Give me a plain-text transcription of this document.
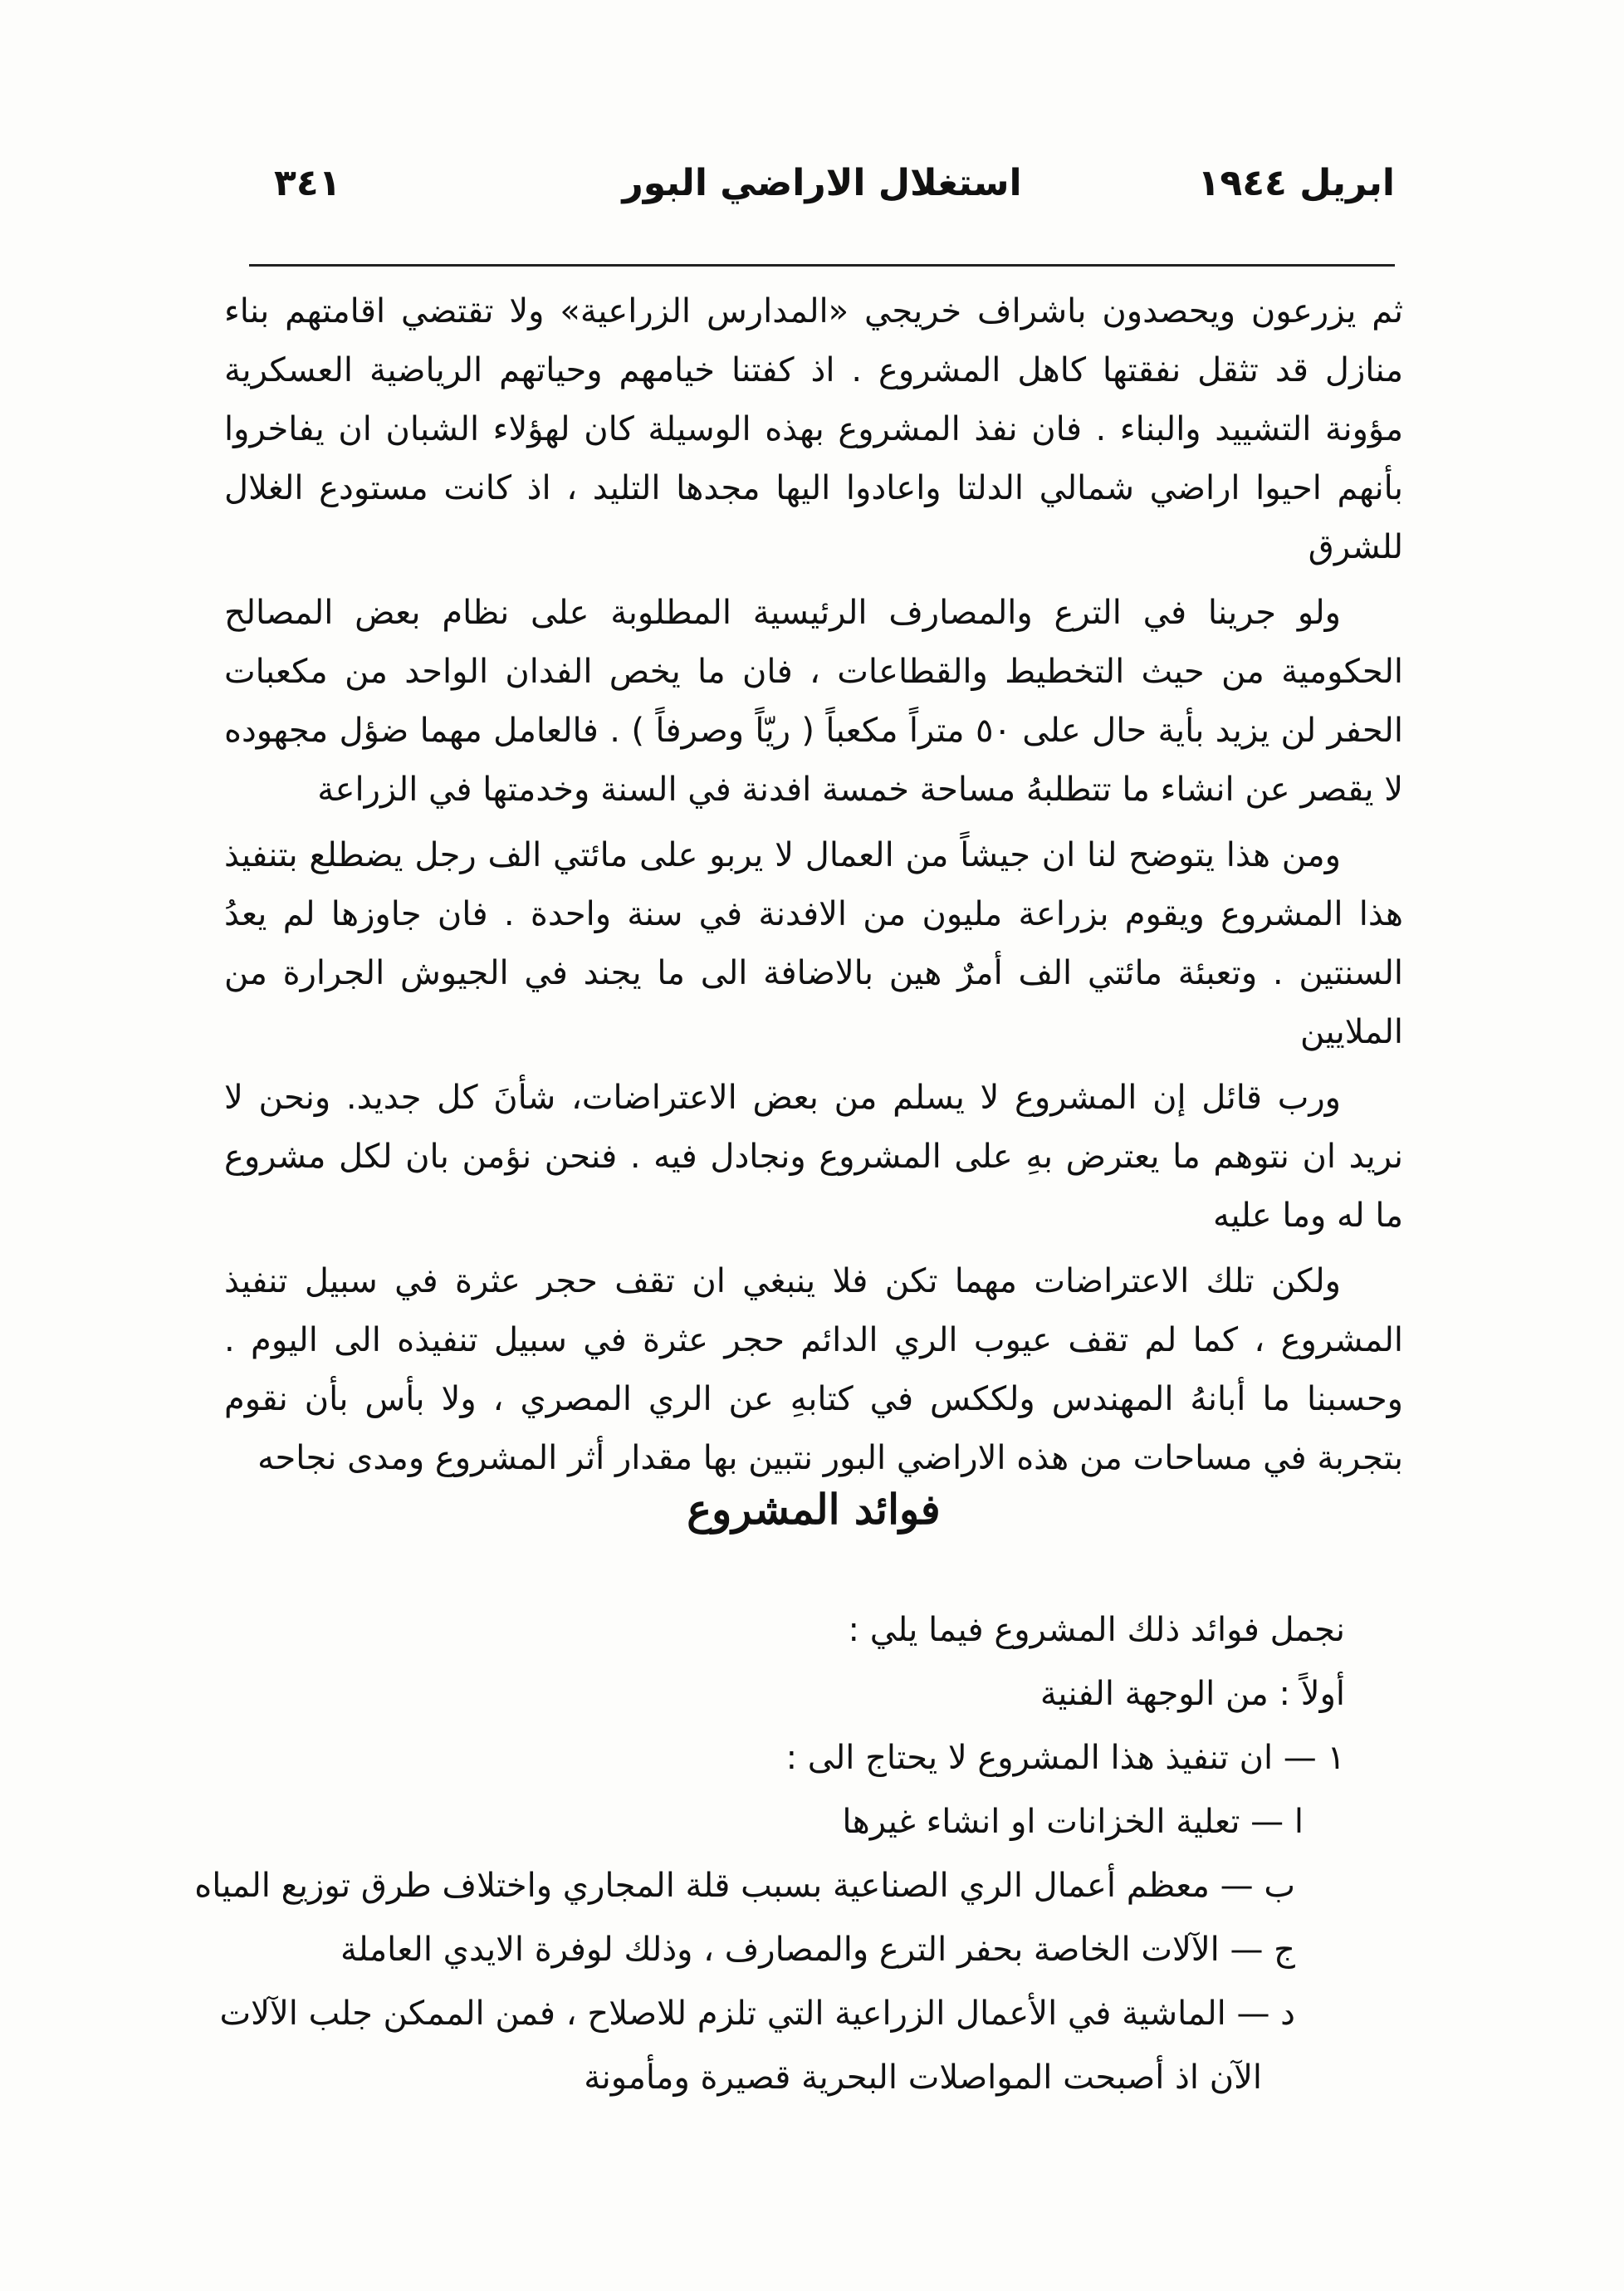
ابريل ١٩٤٤
استغلال الاراضي البور
٣٤١

ثم يزرعون ويحصدون باشراف خريجي «المدارس الزراعية» ولا تقتضي اقامتهم بناء منازل قد تثقل نفقتها كاهل المشروع . اذ كفتنا خيامهم وحياتهم الرياضية العسكرية مؤونة التشييد والبناء . فان نفذ المشروع بهذه الوسيلة كان لهؤلاء الشبان ان يفاخروا بأنهم احيوا اراضي شمالي الدلتا واعادوا اليها مجدها التليد ، اذ كانت مستودع الغلال للشرق

ولو جرينا في الترع والمصارف الرئيسية المطلوبة على نظام بعض المصالح الحكومية من حيث التخطيط والقطاعات ، فان ما يخص الفدان الواحد من مكعبات الحفر لن يزيد بأية حال على ٥٠ متراً مكعباً ( ريّاً وصرفاً ) . فالعامل مهما ضؤل مجهوده لا يقصر عن انشاء ما تتطلبهُ مساحة خمسة افدنة في السنة وخدمتها في الزراعة

ومن هذا يتوضح لنا ان جيشاً من العمال لا يربو على مائتي الف رجل يضطلع بتنفيذ هذا المشروع ويقوم بزراعة مليون من الافدنة في سنة واحدة . فان جاوزها لم يعدُ السنتين . وتعبئة مائتي الف أمرٌ هين بالاضافة الى ما يجند في الجيوش الجرارة من الملايين

ورب قائل إن المشروع لا يسلم من بعض الاعتراضات، شأنَ كل جديد. ونحن لا نريد ان نتوهم ما يعترض بهِ على المشروع ونجادل فيه . فنحن نؤمن بان لكل مشروع ما له وما عليه

ولكن تلك الاعتراضات مهما تكن فلا ينبغي ان تقف حجر عثرة في سبيل تنفيذ المشروع ، كما لم تقف عيوب الري الدائم حجر عثرة في سبيل تنفيذه الى اليوم . وحسبنا ما أبانهُ المهندس ولككس في كتابهِ عن الري المصري ، ولا بأس بأن نقوم بتجربة في مساحات من هذه الاراضي البور نتبين بها مقدار أثر المشروع ومدى نجاحه

فوائد المشروع
نجمل فوائد ذلك المشروع فيما يلي :
أولاً : من الوجهة الفنية
١ — ان تنفيذ هذا المشروع لا يحتاج الى :
ا — تعلية الخزانات او انشاء غيرها
ب — معظم أعمال الري الصناعية بسبب قلة المجاري واختلاف طرق توزيع المياه
ج — الآلات الخاصة بحفر الترع والمصارف ، وذلك لوفرة الايدي العاملة
د — الماشية في الأعمال الزراعية التي تلزم للاصلاح ، فمن الممكن جلب الآلات
الآن اذ أصبحت المواصلات البحرية قصيرة ومأمونة
